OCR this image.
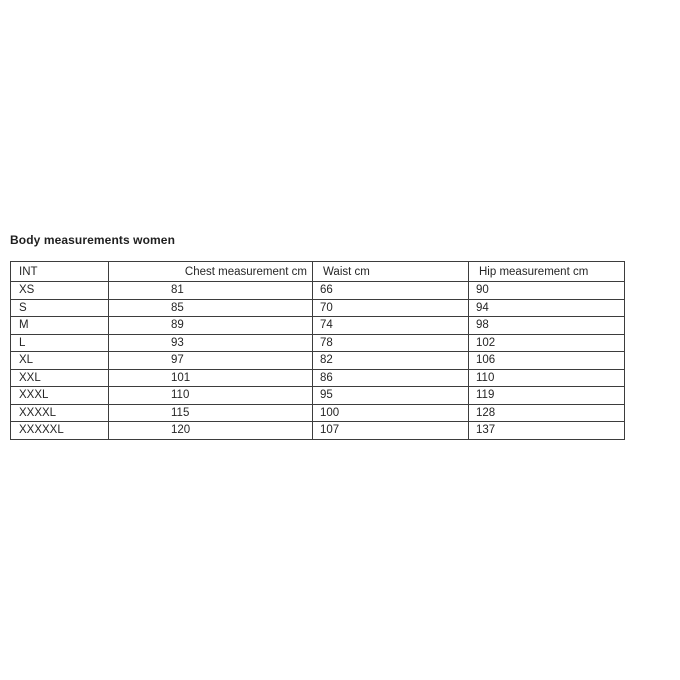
Body measurements women
INT	Chest measurement cm	Waist cm	Hip measurement cm
XS	81	66	90
S	85	70	94
M	89	74	98
L	93	78	102
XL	97	82	106
XXL	101	86	110
XXXL	110	95	119
XXXXL	115	100	128
XXXXXL	120	107	137
